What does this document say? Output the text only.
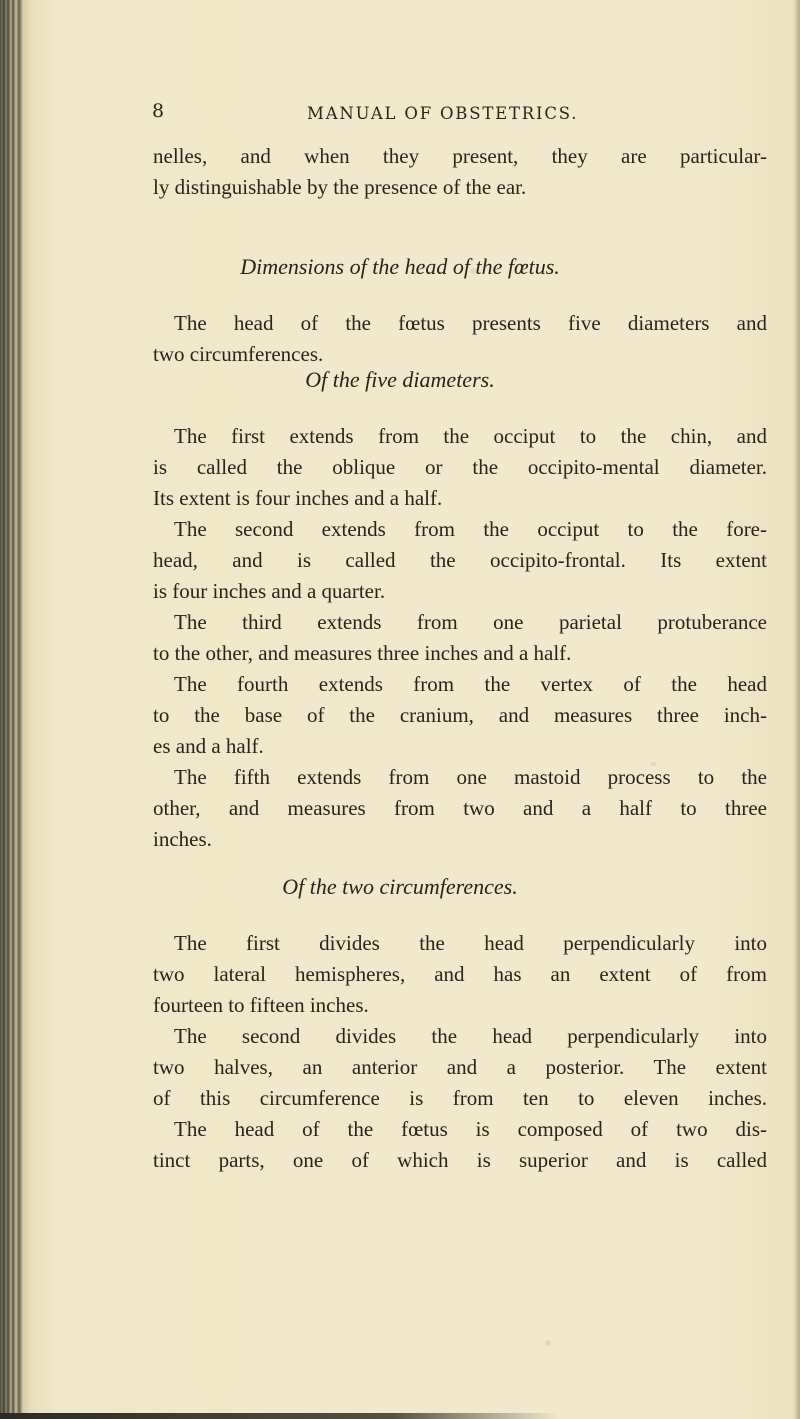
8	MANUAL OF OBSTETRICS.
nelles, and when they present, they are particular-
ly distinguishable by the presence of the ear.

Dimensions of the head of the fœtus.

The head of the fœtus presents five diameters and
two circumferences.

Of the five diameters.

The first extends from the occiput to the chin, and
is called the oblique or the occipito-mental diameter.
Its extent is four inches and a half.
The second extends from the occiput to the fore-
head, and is called the occipito-frontal. Its extent
is four inches and a quarter.
The third extends from one parietal protuberance
to the other, and measures three inches and a half.
The fourth extends from the vertex of the head
to the base of the cranium, and measures three inch-
es and a half.
The fifth extends from one mastoid process to the
other, and measures from two and a half to three
inches.

Of the two circumferences.

The first divides the head perpendicularly into
two lateral hemispheres, and has an extent of from
fourteen to fifteen inches.
The second divides the head perpendicularly into
two halves, an anterior and a posterior. The extent
of this circumference is from ten to eleven inches.
The head of the fœtus is composed of two dis-
tinct parts, one of which is superior and is called
